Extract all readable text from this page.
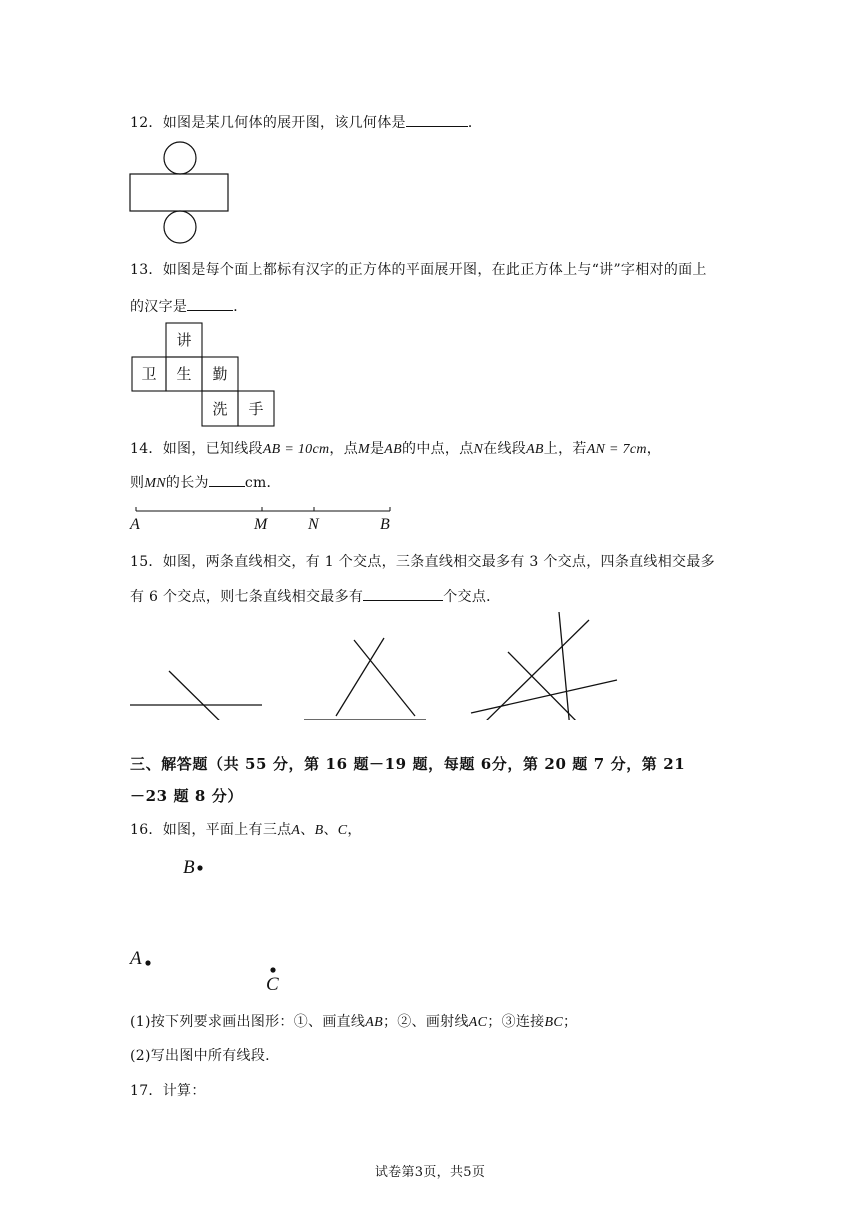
12．如图是某几何体的展开图，该几何体是	．
13．如图是每个面上都标有汉字的正方体的平面展开图，在此正方体上与“讲”字相对的面上
的汉字是	．
讲
卫 生 勤
洗 手
14．如图，已知线段AB = 10cm，点M是AB的中点，点N在线段AB上，若AN = 7cm，
则MN的长为	cm．
A	M	N	B
15．如图，两条直线相交，有 1 个交点，三条直线相交最多有 3 个交点，四条直线相交最多
有 6 个交点，则七条直线相交最多有	个交点．
三、解答题（共 55 分，第 16 题－19 题，每题 6分，第 20 题 7 分，第 21
－23 题 8 分）
16．如图，平面上有三点A、B、C，
B
A
C
(1)按下列要求画出图形：①、画直线AB；②、画射线AC；③连接BC；
(2)写出图中所有线段.
17．计算：
试卷第3页，共5页
